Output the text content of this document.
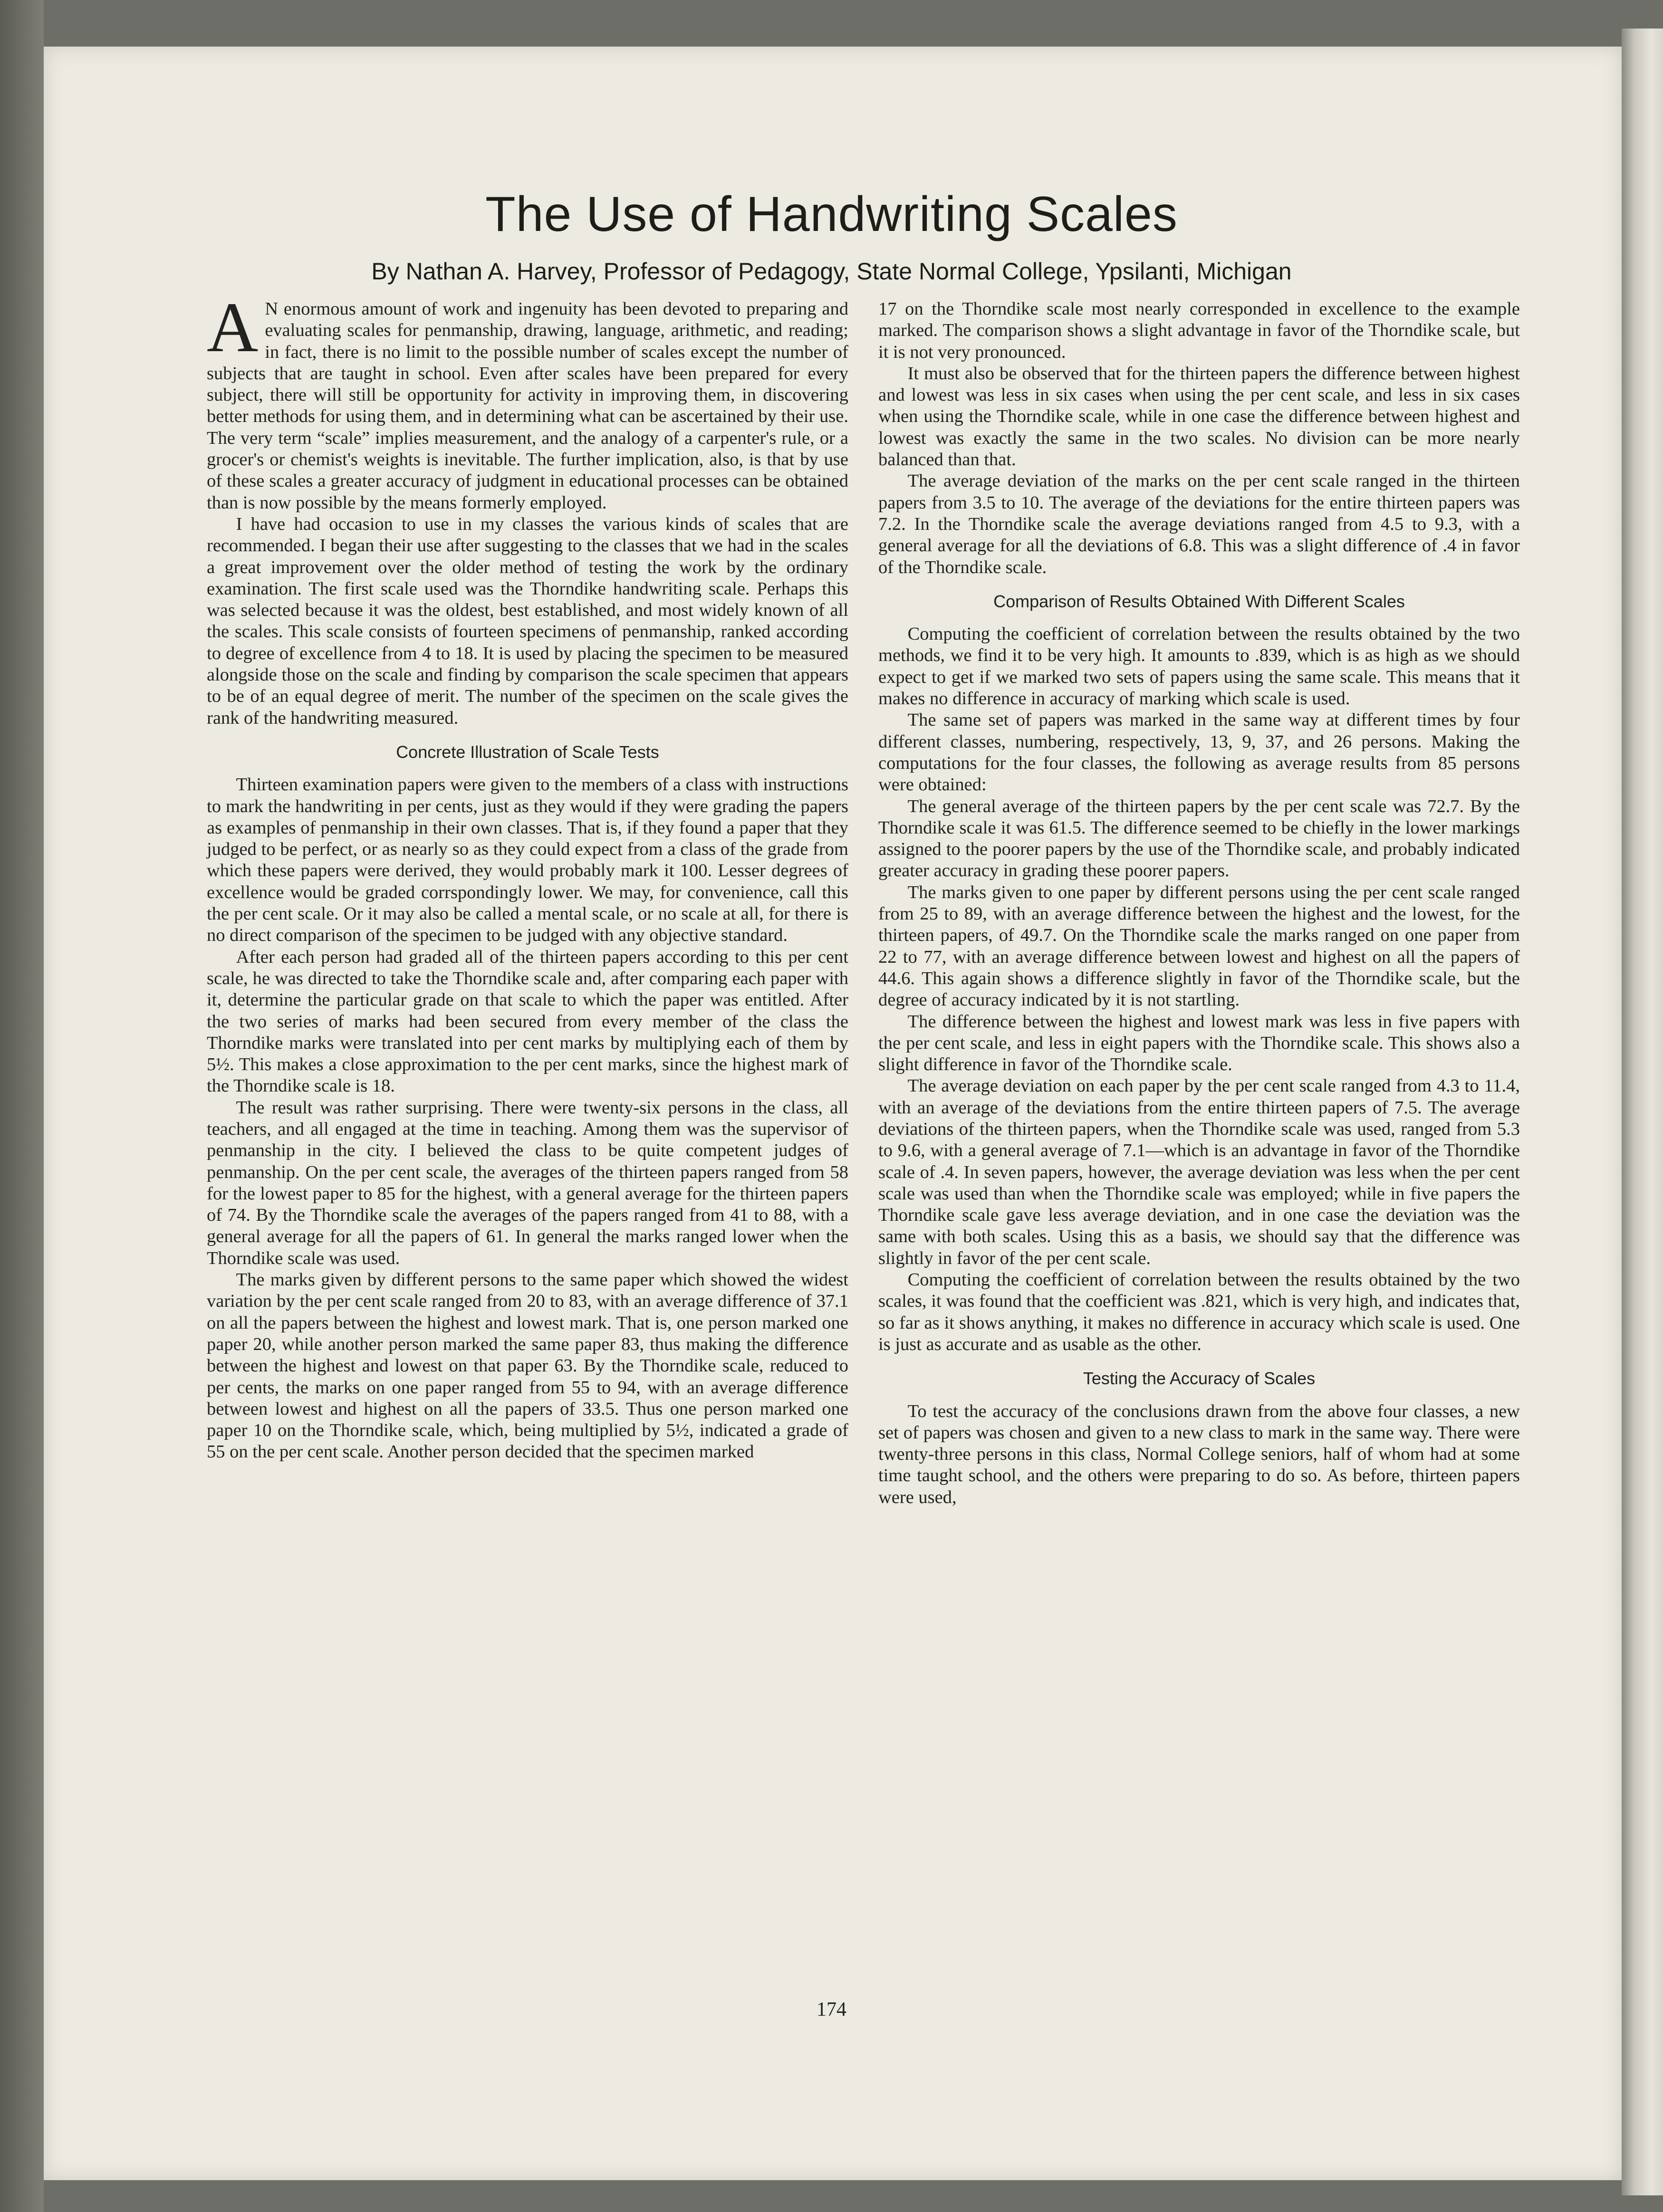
The Use of Handwriting Scales
By Nathan A. Harvey, Professor of Pedagogy, State Normal College, Ypsilanti, Michigan

A N enormous amount of work and ingenuity has been devoted to preparing and evaluating scales for penmanship, drawing, language, arithmetic, and reading; in fact, there is no limit to the possible number of scales except the number of subjects that are taught in school. Even after scales have been prepared for every subject, there will still be opportunity for activity in improving them, in discovering better methods for using them, and in determining what can be ascertained by their use. The very term “scale” implies measurement, and the analogy of a carpenter's rule, or a grocer's or chemist's weights is inevitable. The further implication, also, is that by use of these scales a greater accuracy of judgment in educational processes can be obtained than is now possible by the means formerly employed.

I have had occasion to use in my classes the various kinds of scales that are recommended. I began their use after suggesting to the classes that we had in the scales a great improvement over the older method of testing the work by the ordinary examination. The first scale used was the Thorndike handwriting scale. Perhaps this was selected because it was the oldest, best established, and most widely known of all the scales. This scale consists of fourteen specimens of penmanship, ranked according to degree of excellence from 4 to 18. It is used by placing the specimen to be measured alongside those on the scale and finding by comparison the scale specimen that appears to be of an equal degree of merit. The number of the specimen on the scale gives the rank of the handwriting measured.

Concrete Illustration of Scale Tests

Thirteen examination papers were given to the members of a class with instructions to mark the handwriting in per cents, just as they would if they were grading the papers as examples of penmanship in their own classes. That is, if they found a paper that they judged to be perfect, or as nearly so as they could expect from a class of the grade from which these papers were derived, they would probably mark it 100. Lesser degrees of excellence would be graded corrspondingly lower. We may, for convenience, call this the per cent scale. Or it may also be called a mental scale, or no scale at all, for there is no direct comparison of the specimen to be judged with any objective standard.

After each person had graded all of the thirteen papers according to this per cent scale, he was directed to take the Thorndike scale and, after comparing each paper with it, determine the particular grade on that scale to which the paper was entitled. After the two series of marks had been secured from every member of the class the Thorndike marks were translated into per cent marks by multiplying each of them by 5½. This makes a close approximation to the per cent marks, since the highest mark of the Thorndike scale is 18.

The result was rather surprising. There were twenty-six persons in the class, all teachers, and all engaged at the time in teaching. Among them was the supervisor of penmanship in the city. I believed the class to be quite competent judges of penmanship. On the per cent scale, the averages of the thirteen papers ranged from 58 for the lowest paper to 85 for the highest, with a general average for the thirteen papers of 74. By the Thorndike scale the averages of the papers ranged from 41 to 88, with a general average for all the papers of 61. In general the marks ranged lower when the Thorndike scale was used.

The marks given by different persons to the same paper which showed the widest variation by the per cent scale ranged from 20 to 83, with an average difference of 37.1 on all the papers between the highest and lowest mark. That is, one person marked one paper 20, while another person marked the same paper 83, thus making the difference between the highest and lowest on that paper 63. By the Thorndike scale, reduced to per cents, the marks on one paper ranged from 55 to 94, with an average difference between lowest and highest on all the papers of 33.5. Thus one person marked one paper 10 on the Thorndike scale, which, being multiplied by 5½, indicated a grade of 55 on the per cent scale. Another person decided that the specimen marked

17 on the Thorndike scale most nearly corresponded in excellence to the example marked. The comparison shows a slight advantage in favor of the Thorndike scale, but it is not very pronounced.

It must also be observed that for the thirteen papers the difference between highest and lowest was less in six cases when using the per cent scale, and less in six cases when using the Thorndike scale, while in one case the difference between highest and lowest was exactly the same in the two scales. No division can be more nearly balanced than that.

The average deviation of the marks on the per cent scale ranged in the thirteen papers from 3.5 to 10. The average of the deviations for the entire thirteen papers was 7.2. In the Thorndike scale the average deviations ranged from 4.5 to 9.3, with a general average for all the deviations of 6.8. This was a slight difference of .4 in favor of the Thorndike scale.

Comparison of Results Obtained With Different Scales

Computing the coefficient of correlation between the results obtained by the two methods, we find it to be very high. It amounts to .839, which is as high as we should expect to get if we marked two sets of papers using the same scale. This means that it makes no difference in accuracy of marking which scale is used.

The same set of papers was marked in the same way at different times by four different classes, numbering, respectively, 13, 9, 37, and 26 persons. Making the computations for the four classes, the following as average results from 85 persons were obtained:

The general average of the thirteen papers by the per cent scale was 72.7. By the Thorndike scale it was 61.5. The difference seemed to be chiefly in the lower markings assigned to the poorer papers by the use of the Thorndike scale, and probably indicated greater accuracy in grading these poorer papers.

The marks given to one paper by different persons using the per cent scale ranged from 25 to 89, with an average difference between the highest and the lowest, for the thirteen papers, of 49.7. On the Thorndike scale the marks ranged on one paper from 22 to 77, with an average difference between lowest and highest on all the papers of 44.6. This again shows a difference slightly in favor of the Thorndike scale, but the degree of accuracy indicated by it is not startling.

The difference between the highest and lowest mark was less in five papers with the per cent scale, and less in eight papers with the Thorndike scale. This shows also a slight difference in favor of the Thorndike scale.

The average deviation on each paper by the per cent scale ranged from 4.3 to 11.4, with an average of the deviations from the entire thirteen papers of 7.5. The average deviations of the thirteen papers, when the Thorndike scale was used, ranged from 5.3 to 9.6, with a general average of 7.1—which is an advantage in favor of the Thorndike scale of .4. In seven papers, however, the average deviation was less when the per cent scale was used than when the Thorndike scale was employed; while in five papers the Thorndike scale gave less average deviation, and in one case the deviation was the same with both scales. Using this as a basis, we should say that the difference was slightly in favor of the per cent scale.

Computing the coefficient of correlation between the results obtained by the two scales, it was found that the coefficient was .821, which is very high, and indicates that, so far as it shows anything, it makes no difference in accuracy which scale is used. One is just as accurate and as usable as the other.

Testing the Accuracy of Scales

To test the accuracy of the conclusions drawn from the above four classes, a new set of papers was chosen and given to a new class to mark in the same way. There were twenty-three persons in this class, Normal College seniors, half of whom had at some time taught school, and the others were preparing to do so. As before, thirteen papers were used,

174
